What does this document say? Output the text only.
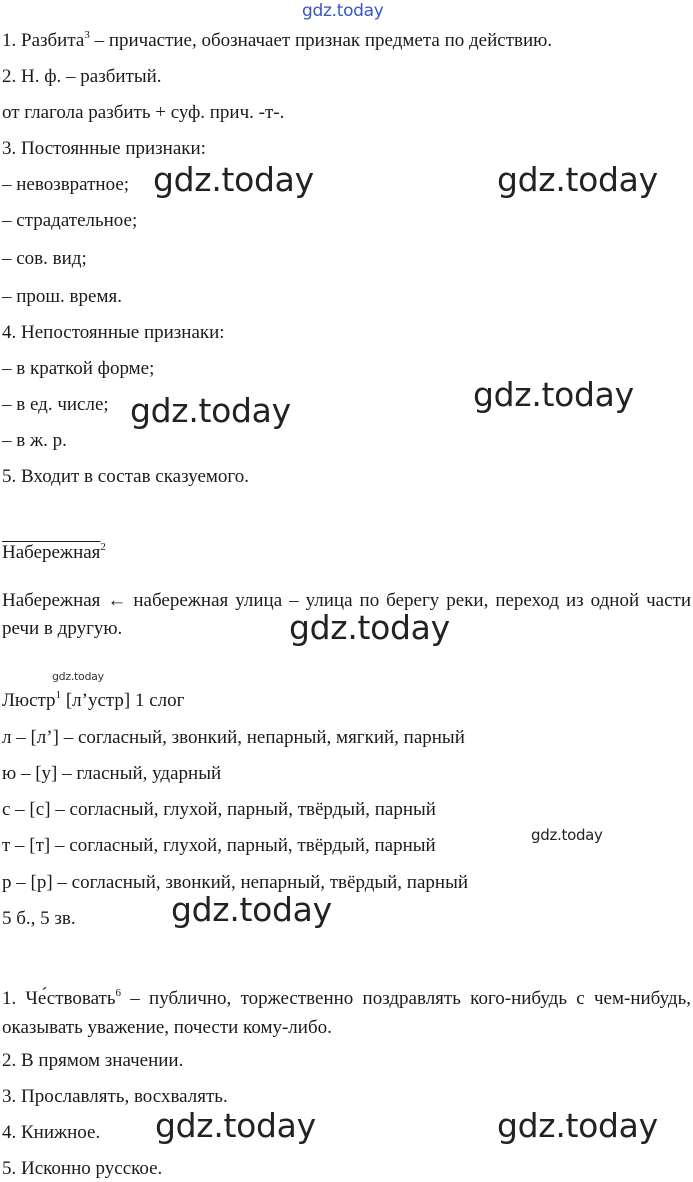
1. Разбита$^3$ – причастие, обозначает признак предмета по действию.
2. Н. ф. – разбитый.
от глагола разбить + суф. прич. -т-.
3. Постоянные признаки:
– невозвратное;
– страдательное;
– сов. вид;
– прош. время.
4. Непостоянные признаки:
– в краткой форме;
– в ед. числе;
– в ж. р.
5. Входит в состав сказуемого.
Набережная$^2$
Набережная ← набережная улица – улица по берегу реки, переход из одной части речи в другую.
Люстр$^1$ [л’устр] 1 слог
л – [л’] – согласный, звонкий, непарный, мягкий, парный
ю – [у] – гласный, ударный
с – [с] – согласный, глухой, парный, твёрдый, парный
т – [т] – согласный, глухой, парный, твёрдый, парный
р – [р] – согласный, звонкий, непарный, твёрдый, парный
5 б., 5 зв.
1. Че́ствовать$^6$ – публично, торжественно поздравлять кого-нибудь с чем-нибудь, оказывать уважение, почести кому-либо.
2. В прямом значении.
3. Прославлять, восхвалять.
4. Книжное.
5. Исконно русское.
gdz.today
gdz.today	gdz.today
gdz.today
gdz.today
gdz.today
gdz.today
gdz.today
gdz.today
gdz.today	gdz.today
